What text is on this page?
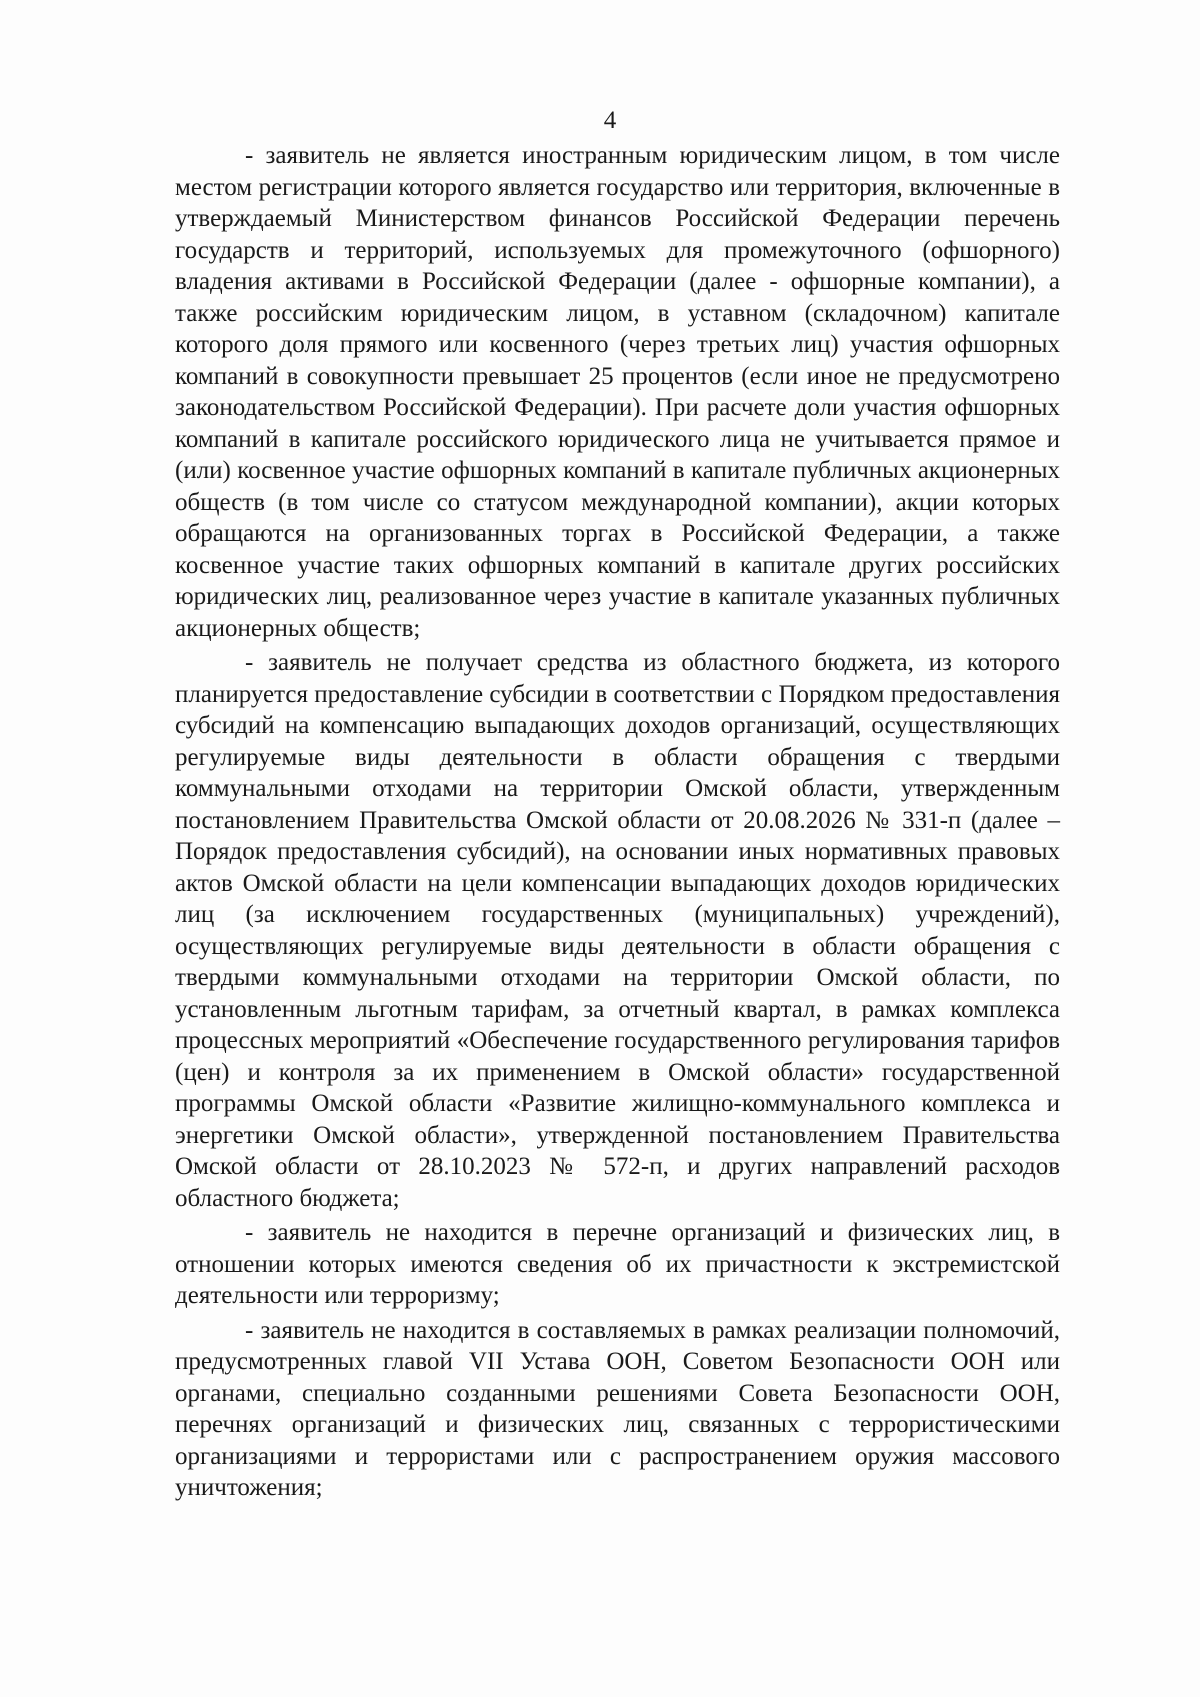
4

- заявитель не является иностранным юридическим лицом, в том числе местом регистрации которого является государство или территория, включенные в утверждаемый Министерством финансов Российской Федерации перечень государств и территорий, используемых для промежуточного (офшорного) владения активами в Российской Федерации (далее - офшорные компании), а также российским юридическим лицом, в уставном (складочном) капитале которого доля прямого или косвенного (через третьих лиц) участия офшорных компаний в совокупности превышает 25 процентов (если иное не предусмотрено законодательством Российской Федерации). При расчете доли участия офшорных компаний в капитале российского юридического лица не учитывается прямое и (или) косвенное участие офшорных компаний в капитале публичных акционерных обществ (в том числе со статусом международной компании), акции которых обращаются на организованных торгах в Российской Федерации, а также косвенное участие таких офшорных компаний в капитале других российских юридических лиц, реализованное через участие в капитале указанных публичных акционерных обществ;

- заявитель не получает средства из областного бюджета, из которого планируется предоставление субсидии в соответствии с Порядком предоставления субсидий на компенсацию выпадающих доходов организаций, осуществляющих регулируемые виды деятельности в области обращения с твердыми коммунальными отходами на территории Омской области, утвержденным постановлением Правительства Омской области от 20.08.2026 № 331-п (далее – Порядок предоставления субсидий), на основании иных нормативных правовых актов Омской области на цели компенсации выпадающих доходов юридических лиц (за исключением государственных (муниципальных) учреждений), осуществляющих регулируемые виды деятельности в области обращения с твердыми коммунальными отходами на территории Омской области, по установленным льготным тарифам, за отчетный квартал, в рамках комплекса процессных мероприятий «Обеспечение государственного регулирования тарифов (цен) и контроля за их применением в Омской области» государственной программы Омской области «Развитие жилищно-коммунального комплекса и энергетики Омской области», утвержденной постановлением Правительства Омской области от 28.10.2023 № 572-п, и других направлений расходов областного бюджета;

- заявитель не находится в перечне организаций и физических лиц, в отношении которых имеются сведения об их причастности к экстремистской деятельности или терроризму;

- заявитель не находится в составляемых в рамках реализации полномочий, предусмотренных главой VII Устава ООН, Советом Безопасности ООН или органами, специально созданными решениями Совета Безопасности ООН, перечнях организаций и физических лиц, связанных с террористическими организациями и террористами или с распространением оружия массового уничтожения;
